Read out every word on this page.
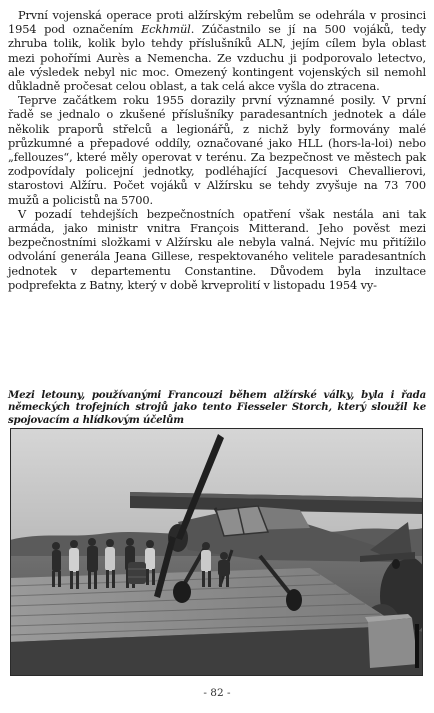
První vojenská operace proti alžírským rebelům se odehrála v prosinci 1954 pod označením Eckhmül. Zúčastnilo se jí na 500 vojáků, tedy zhruba tolik, kolik bylo tehdy příslušníků ALN, jejím cílem byla oblast mezi pohořími Aurès a Nemencha. Ze vzduchu ji podporovalo letectvo, ale výsledek nebyl nic moc. Omezený kontingent vojenských sil nemohl důkladně pročesat celou oblast, a tak celá akce vyšla do ztracena.

Teprve začátkem roku 1955 dorazily první významné posily. V první řadě se jednalo o zkušené příslušníky paradesantních jednotek a dále několik praporů střelců a legionářů, z nichž byly formovány malé průzkumné a přepadové oddíly, označované jako HLL (hors-la-loi) nebo „fellouzes“, které měly operovat v terénu. Za bezpečnost ve městech pak zodpovídaly policejní jednotky, podléhající Jacquesovi Chevallierovi, starostovi Alžíru. Počet vojáků v Alžírsku se tehdy zvyšuje na 73 700 mužů a policistů na 5700.

V pozadí tehdejších bezpečnostních opatření však nestála ani tak armáda, jako ministr vnitra François Mitterand. Jeho pověst mezi bezpečnostními složkami v Alžírsku ale nebyla valná. Nejvíc mu přitížilo odvolání generála Jeana Gillese, respektovaného velitele paradesantních jednotek v departementu Constantine. Důvodem byla inzultace podprefekta z Batny, který v době krveprolití v listopadu 1954 vy-

Mezi letouny, používanými Francouzi během alžírské války, byla i řada německých trofejních strojů jako tento Fiesseler Storch, který sloužil ke spojovacím a hlídkovým účelům
- 82 -
